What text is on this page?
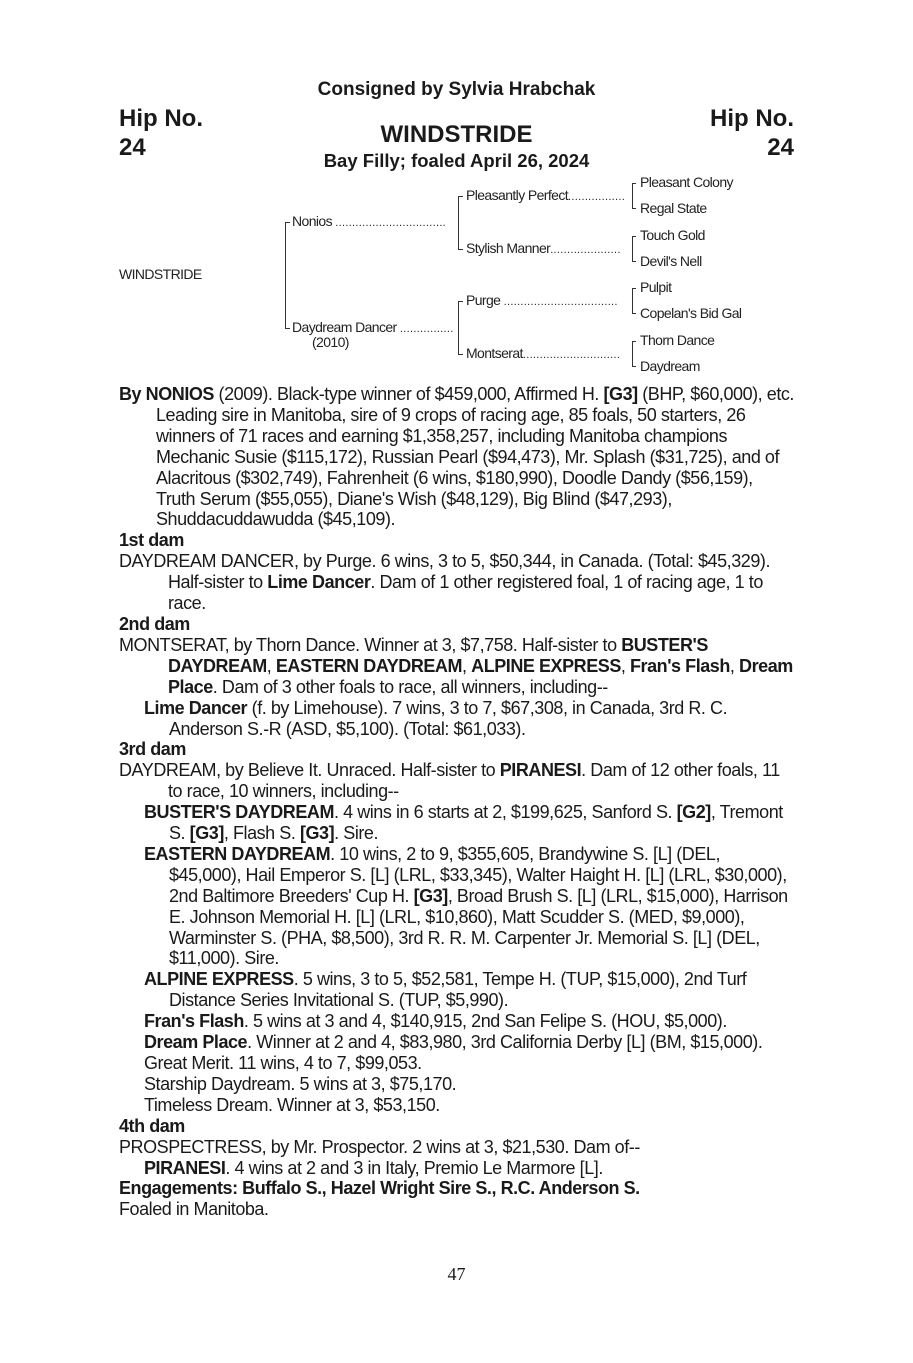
Consigned by Sylvia Hrabchak
Hip No.
24
Hip No.
24
WINDSTRIDE
Bay Filly; foaled April 26, 2024
WINDSTRIDE
Nonios .................................
Daydream Dancer ................
(2010)
Pleasantly Perfect.................
Stylish Manner.....................
Purge ..................................
Montserat.............................
Pleasant Colony
Regal State
Touch Gold
Devil's Nell
Pulpit
Copelan's Bid Gal
Thorn Dance
Daydream

By NONIOS (2009). Black-type winner of $459,000, Affirmed H. [G3] (BHP, $60,000), etc. Leading sire in Manitoba, sire of 9 crops of racing age, 85 foals, 50 starters, 26 winners of 71 races and earning $1,358,257, including Manitoba champions Mechanic Susie ($115,172), Russian Pearl ($94,473), Mr. Splash ($31,725), and of Alacritous ($302,749), Fahrenheit (6 wins, $180,990), Doodle Dandy ($56,159), Truth Serum ($55,055), Diane's Wish ($48,129), Big Blind ($47,293), Shuddacuddawudda ($45,109).

1st dam

DAYDREAM DANCER, by Purge. 6 wins, 3 to 5, $50,344, in Canada. (Total: $45,329). Half-sister to Lime Dancer. Dam of 1 other registered foal, 1 of racing age, 1 to race.

2nd dam

MONTSERAT, by Thorn Dance. Winner at 3, $7,758. Half-sister to BUSTER'S DAYDREAM, EASTERN DAYDREAM, ALPINE EXPRESS, Fran's Flash, Dream Place. Dam of 3 other foals to race, all winners, including--

Lime Dancer (f. by Limehouse). 7 wins, 3 to 7, $67,308, in Canada, 3rd R. C. Anderson S.-R (ASD, $5,100). (Total: $61,033).

3rd dam

DAYDREAM, by Believe It. Unraced. Half-sister to PIRANESI. Dam of 12 other foals, 11 to race, 10 winners, including--

BUSTER'S DAYDREAM. 4 wins in 6 starts at 2, $199,625, Sanford S. [G2], Tremont S. [G3], Flash S. [G3]. Sire.

EASTERN DAYDREAM. 10 wins, 2 to 9, $355,605, Brandywine S. [L] (DEL, $45,000), Hail Emperor S. [L] (LRL, $33,345), Walter Haight H. [L] (LRL, $30,000), 2nd Baltimore Breeders' Cup H. [G3], Broad Brush S. [L] (LRL, $15,000), Harrison E. Johnson Memorial H. [L] (LRL, $10,860), Matt Scudder S. (MED, $9,000), Warminster S. (PHA, $8,500), 3rd R. R. M. Carpenter Jr. Memorial S. [L] (DEL, $11,000). Sire.

ALPINE EXPRESS. 5 wins, 3 to 5, $52,581, Tempe H. (TUP, $15,000), 2nd Turf Distance Series Invitational S. (TUP, $5,990).

Fran's Flash. 5 wins at 3 and 4, $140,915, 2nd San Felipe S. (HOU, $5,000).

Dream Place. Winner at 2 and 4, $83,980, 3rd California Derby [L] (BM, $15,000).

Great Merit. 11 wins, 4 to 7, $99,053.

Starship Daydream. 5 wins at 3, $75,170.

Timeless Dream. Winner at 3, $53,150.

4th dam

PROSPECTRESS, by Mr. Prospector. 2 wins at 3, $21,530. Dam of--

PIRANESI. 4 wins at 2 and 3 in Italy, Premio Le Marmore [L].

Engagements: Buffalo S., Hazel Wright Sire S., R.C. Anderson S.

Foaled in Manitoba.

47
